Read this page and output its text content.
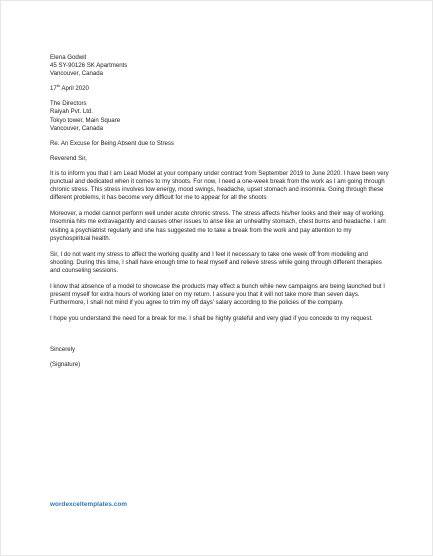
Elena Godwit
45 SY-90126 SK Apartments
Vancouver, Canada
17th April 2020
The Directors
Raiyah Pvt. Ltd.
Tokyo tower, Main Square
Vancouver, Canada
Re. An Excuse for Being Absent due to Stress
Reverend Sir,
It is to inform you that I am Lead Model at your company under contract from September 2019 to June 2020. I have been very punctual and dedicated when it comes to my shoots. For now, I need a one-week break from the work as I am going through chronic stress. This stress involves low energy, mood swings, headache, upset stomach and insomnia. Going through these different problems, it has become very difficult for me to appear for all the shoots
Moreover, a model cannot perform well under acute chronic stress. The stress affects his/her looks and their way of working. Insomnia hits me extravagantly and causes other issues to arise like an unhealthy stomach, chest burns and headache. I am visiting a psychiatrist regularly and she has suggested me to take a break from the work and pay attention to my psychospiritual health.
Sir, I do not want my stress to affect the working quality and I feel it necessary to take one week off from modeling and shooting. During this time, I shall have enough time to heal myself and relieve stress while going through different therapies and counseling sessions.
I know that absence of a model to showcase the products may effect a bunch while new campaigns are being launched but I present myself for extra hours of working later on my return. I assure you that it will not take more than seven days. Furthermore, I shall not mind if you agree to trim my off days' salary according to the policies of the company.
I hope you understand the need for a break for me. I shall be highly grateful and very glad if you concede to my request.
Sincerely
(Signature)
wordexceltemplates.com
